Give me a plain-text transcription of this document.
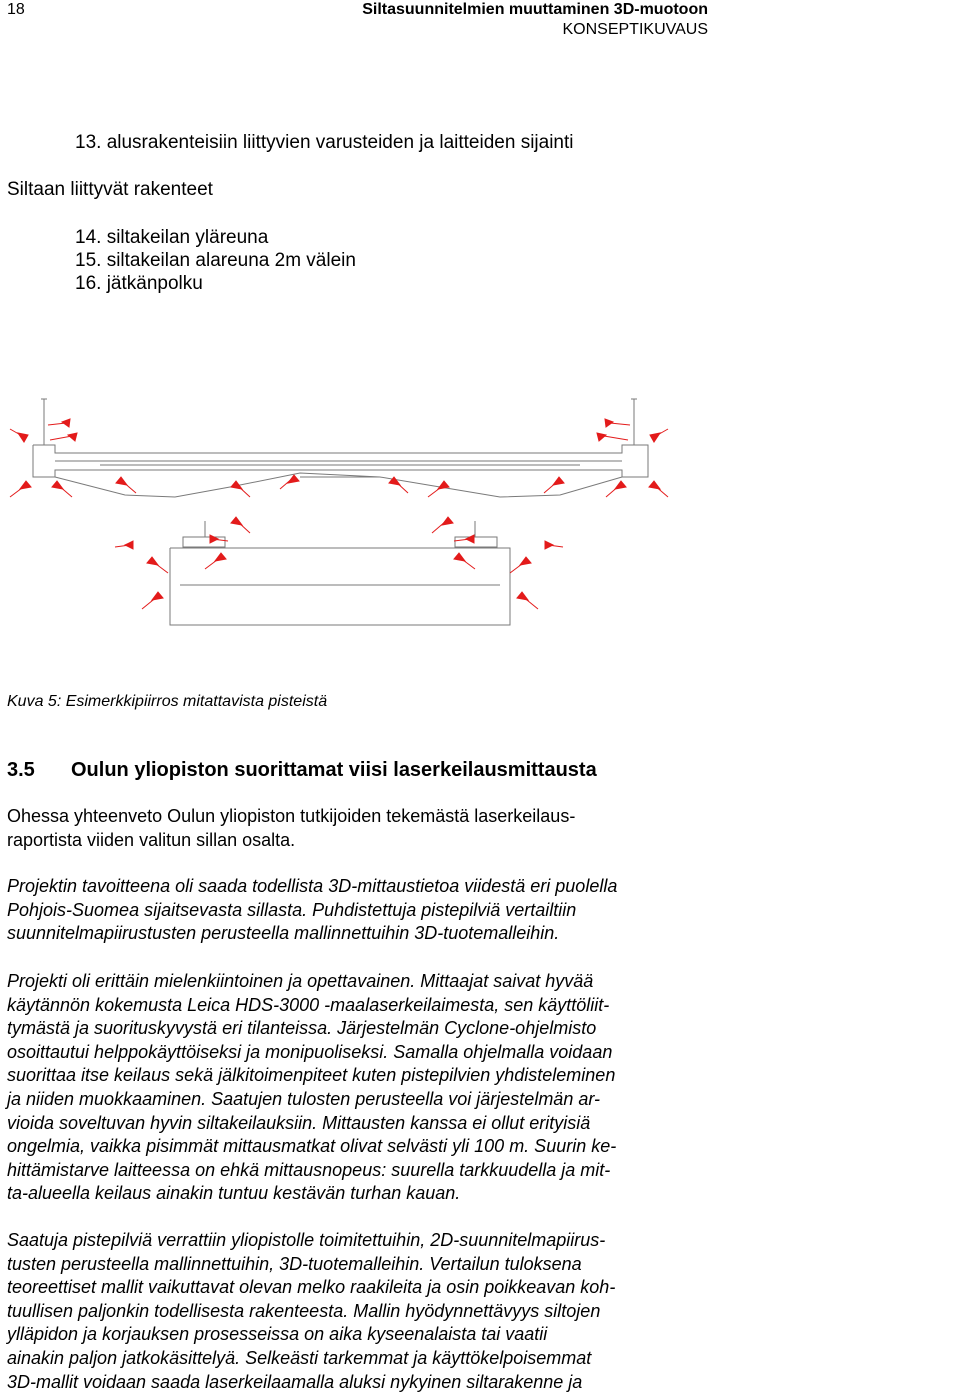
18	Siltasuunnitelmien muuttaminen 3D-muotoon
KONSEPTIKUVAUS
13. alusrakenteisiin liittyvien varusteiden ja laitteiden sijainti
Siltaan liittyvät rakenteet
14. siltakeilan yläreuna
15. siltakeilan alareuna 2m välein
16. jätkänpolku
Kuva 5: Esimerkkipiirros mitattavista pisteistä
3.5 Oulun yliopiston suorittamat viisi laserkeilausmittausta
Ohessa yhteenveto Oulun yliopiston tutkijoiden tekemästä laserkeilaus-
raportista viiden valitun sillan osalta.
Projektin tavoitteena oli saada todellista 3D-mittaustietoa viidestä eri puolella
Pohjois-Suomea sijaitsevasta sillasta. Puhdistettuja pistepilviä vertailtiin
suunnitelmapiirustusten perusteella mallinnettuihin 3D-tuotemalleihin.
Projekti oli erittäin mielenkiintoinen ja opettavainen. Mittaajat saivat hyvää
käytännön kokemusta Leica HDS-3000 -maalaserkeilaimesta, sen käyttöliit-
tymästä ja suorituskyvystä eri tilanteissa. Järjestelmän Cyclone-ohjelmisto
osoittautui helppokäyttöiseksi ja monipuoliseksi. Samalla ohjelmalla voidaan
suorittaa itse keilaus sekä jälkitoimenpiteet kuten pistepilvien yhdisteleminen
ja niiden muokkaaminen. Saatujen tulosten perusteella voi järjestelmän ar-
vioida soveltuvan hyvin siltakeilauksiin. Mittausten kanssa ei ollut erityisiä
ongelmia, vaikka pisimmät mittausmatkat olivat selvästi yli 100 m. Suurin ke-
hittämistarve laitteessa on ehkä mittausnopeus: suurella tarkkuudella ja mit-
ta-alueella keilaus ainakin tuntuu kestävän turhan kauan.
Saatuja pistepilviä verrattiin yliopistolle toimitettuihin, 2D-suunnitelmapiirus-
tusten perusteella mallinnettuihin, 3D-tuotemalleihin. Vertailun tuloksena
teoreettiset mallit vaikuttavat olevan melko raakileita ja osin poikkeavan koh-
tuullisen paljonkin todellisesta rakenteesta. Mallin hyödynnettävyys siltojen
ylläpidon ja korjauksen prosesseissa on aika kyseenalaista tai vaatii
ainakin paljon jatkokäsittelyä. Selkeästi tarkemmat ja käyttökelpoisemmat
3D-mallit voidaan saada laserkeilaamalla aluksi nykyinen siltarakenne ja
